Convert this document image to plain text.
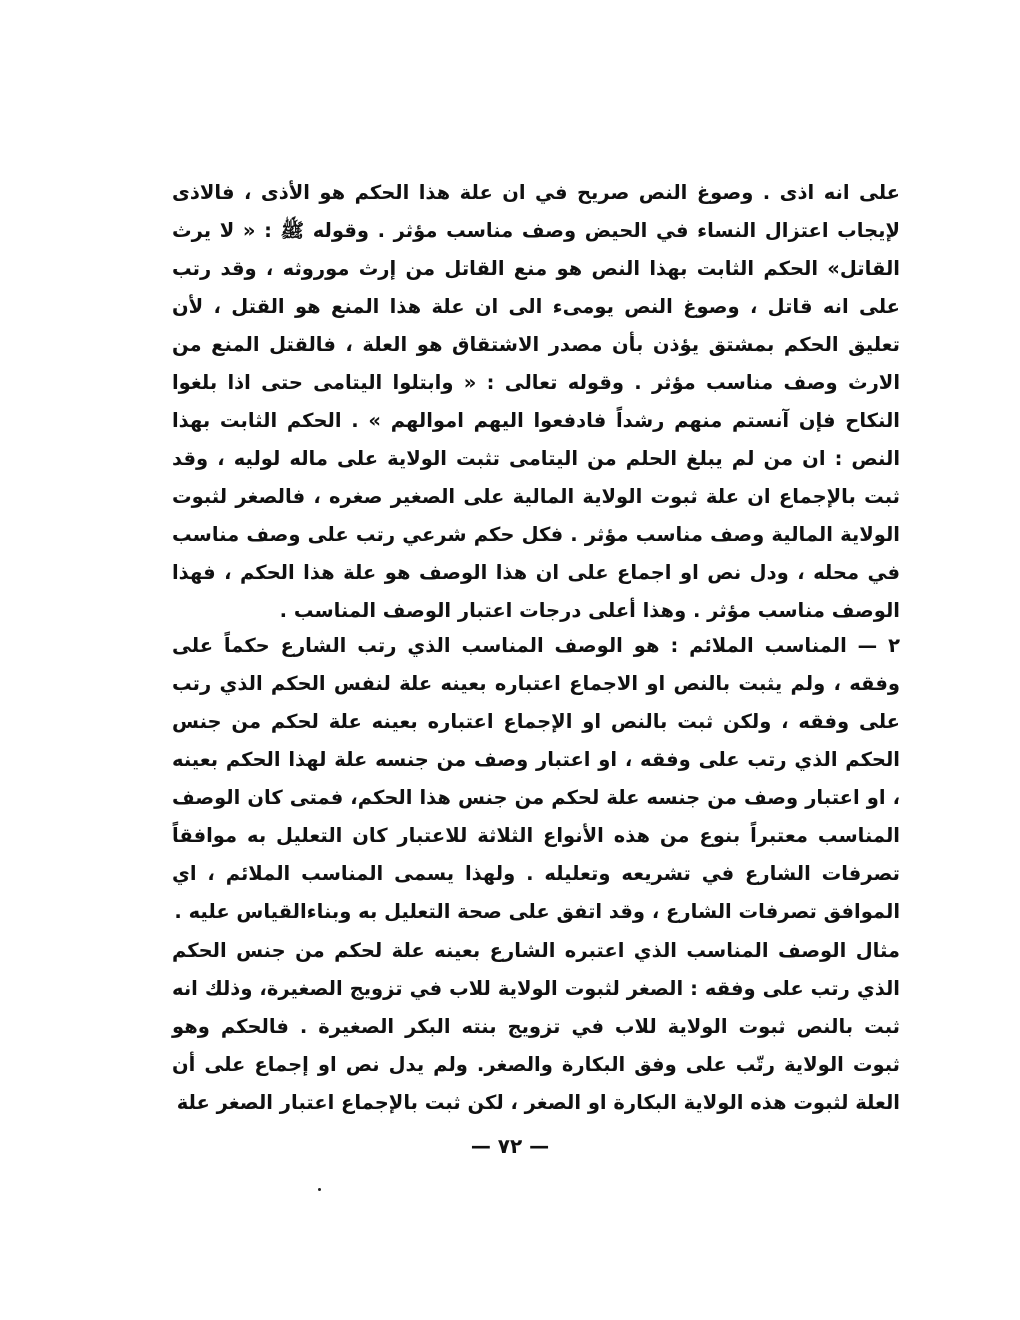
على انه اذى . وصوغ النص صريح في ان علة هذا الحكم هو الأذى ، فالاذى لإيجاب اعتزال النساء في الحيض وصف مناسب مؤثر . وقوله ﷺ : « لا يرث القاتل» الحكم الثابت بهذا النص هو منع القاتل من إرث موروثه ، وقد رتب على انه قاتل ، وصوغ النص يومىء الى ان علة هذا المنع هو القتل ، لأن تعليق الحكم بمشتق يؤذن بأن مصدر الاشتقاق هو العلة ، فالقتل المنع من الارث وصف مناسب مؤثر . وقوله تعالى : « وابتلوا اليتامى حتى اذا بلغوا النكاح فإن آنستم منهم رشداً فادفعوا اليهم اموالهم » . الحكم الثابت بهذا النص : ان من لم يبلغ الحلم من اليتامى تثبت الولاية على ماله لوليه ، وقد ثبت بالإجماع ان علة ثبوت الولاية المالية على الصغير صغره ، فالصغر لثبوت الولاية المالية وصف مناسب مؤثر . فكل حكم شرعي رتب على وصف مناسب في محله ، ودل نص او اجماع على ان هذا الوصف هو علة هذا الحكم ، فهذا الوصف مناسب مؤثر . وهذا أعلى درجات اعتبار الوصف المناسب .

٢ — المناسب الملائم : هو الوصف المناسب الذي رتب الشارع حكماً على وفقه ، ولم يثبت بالنص او الاجماع اعتباره بعينه علة لنفس الحكم الذي رتب على وفقه ، ولكن ثبت بالنص او الإجماع اعتباره بعينه علة لحكم من جنس الحكم الذي رتب على وفقه ، او اعتبار وصف من جنسه علة لهذا الحكم بعينه ، او اعتبار وصف من جنسه علة لحكم من جنس هذا الحكم، فمتى كان الوصف المناسب معتبراً بنوع من هذه الأنواع الثلاثة للاعتبار كان التعليل به موافقاً تصرفات الشارع في تشريعه وتعليله . ولهذا يسمى المناسب الملائم ، اي الموافق تصرفات الشارع ، وقد اتفق على صحة التعليل به وبناءالقياس عليه .

مثال الوصف المناسب الذي اعتبره الشارع بعينه علة لحكم من جنس الحكم الذي رتب على وفقه : الصغر لثبوت الولاية للاب في تزويج الصغيرة، وذلك انه ثبت بالنص ثبوت الولاية للاب في تزويج بنته البكر الصغيرة . فالحكم وهو ثبوت الولاية رتّب على وفق البكارة والصغر. ولم يدل نص او إجماع على أن العلة لثبوت هذه الولاية البكارة او الصغر ، لكن ثبت بالإجماع اعتبار الصغر علة

— ٧٢ —
